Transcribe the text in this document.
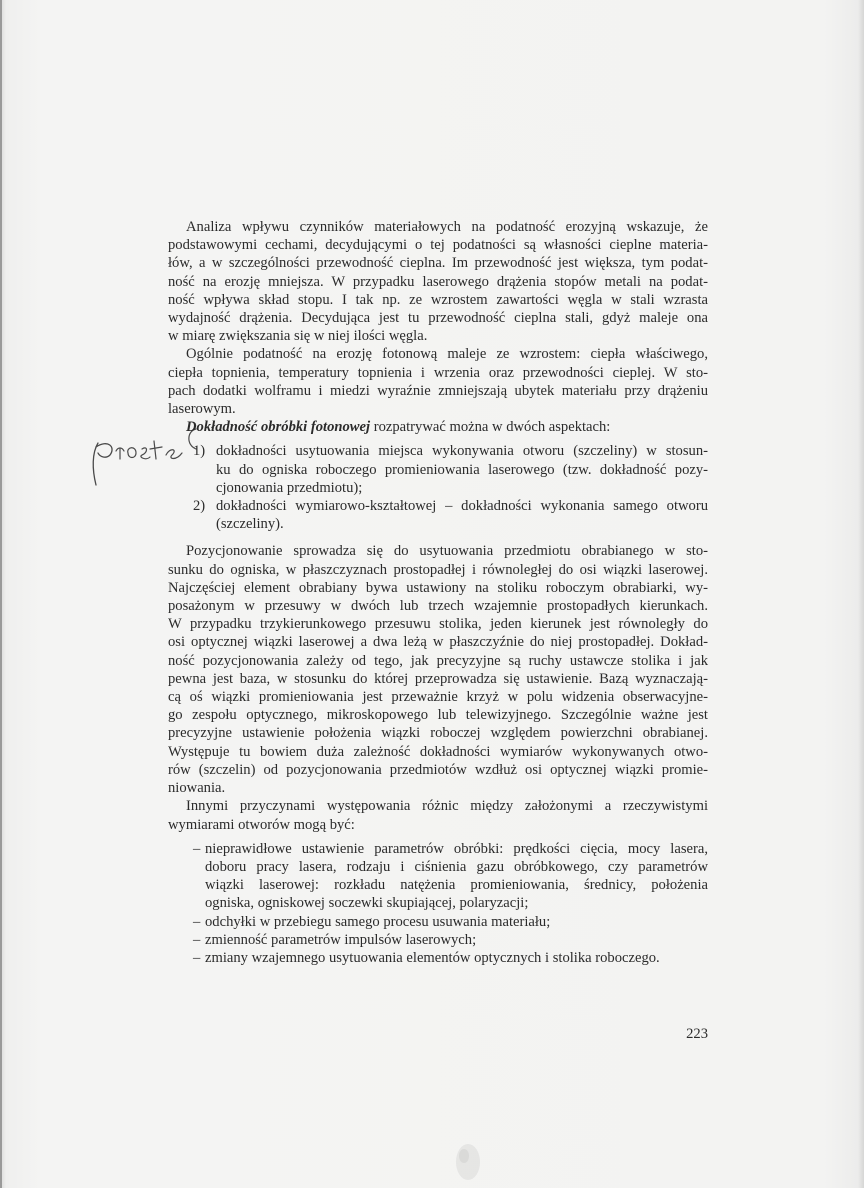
Analiza wpływu czynników materiałowych na podatność erozyjną wskazuje, że
podstawowymi cechami, decydującymi o tej podatności są własności cieplne materia-
łów, a w szczególności przewodność cieplna. Im przewodność jest większa, tym podat-
ność na erozję mniejsza. W przypadku laserowego drążenia stopów metali na podat-
ność wpływa skład stopu. I tak np. ze wzrostem zawartości węgla w stali wzrasta
wydajność drążenia. Decydująca jest tu przewodność cieplna stali, gdyż maleje ona
w miarę zwiększania się w niej ilości węgla.
Ogólnie podatność na erozję fotonową maleje ze wzrostem: ciepła właściwego,
ciepła topnienia, temperatury topnienia i wrzenia oraz przewodności cieplej. W sto-
pach dodatki wolframu i miedzi wyraźnie zmniejszają ubytek materiału przy drążeniu
laserowym.
Dokładność obróbki fotonowej rozpatrywać można w dwóch aspektach:
1) dokładności usytuowania miejsca wykonywania otworu (szczeliny) w stosun-
ku do ogniska roboczego promieniowania laserowego (tzw. dokładność pozy-
cjonowania przedmiotu);
2) dokładności wymiarowo-kształtowej – dokładności wykonania samego otworu
(szczeliny).
Pozycjonowanie sprowadza się do usytuowania przedmiotu obrabianego w sto-
sunku do ogniska, w płaszczyznach prostopadłej i równoległej do osi wiązki laserowej.
Najczęściej element obrabiany bywa ustawiony na stoliku roboczym obrabiarki, wy-
posażonym w przesuwy w dwóch lub trzech wzajemnie prostopadłych kierunkach.
W przypadku trzykierunkowego przesuwu stolika, jeden kierunek jest równoległy do
osi optycznej wiązki laserowej a dwa leżą w płaszczyźnie do niej prostopadłej. Dokład-
ność pozycjonowania zależy od tego, jak precyzyjne są ruchy ustawcze stolika i jak
pewna jest baza, w stosunku do której przeprowadza się ustawienie. Bazą wyznaczają-
cą oś wiązki promieniowania jest przeważnie krzyż w polu widzenia obserwacyjne-
go zespołu optycznego, mikroskopowego lub telewizyjnego. Szczególnie ważne jest
precyzyjne ustawienie położenia wiązki roboczej względem powierzchni obrabianej.
Występuje tu bowiem duża zależność dokładności wymiarów wykonywanych otwo-
rów (szczelin) od pozycjonowania przedmiotów wzdłuż osi optycznej wiązki promie-
niowania.
Innymi przyczynami występowania różnic między założonymi a rzeczywistymi
wymiarami otworów mogą być:
– nieprawidłowe ustawienie parametrów obróbki: prędkości cięcia, mocy lasera,
doboru pracy lasera, rodzaju i ciśnienia gazu obróbkowego, czy parametrów
wiązki laserowej: rozkładu natężenia promieniowania, średnicy, położenia
ogniska, ogniskowej soczewki skupiającej, polaryzacji;
– odchyłki w przebiegu samego procesu usuwania materiału;
– zmienność parametrów impulsów laserowych;
– zmiany wzajemnego usytuowania elementów optycznych i stolika roboczego.
223
